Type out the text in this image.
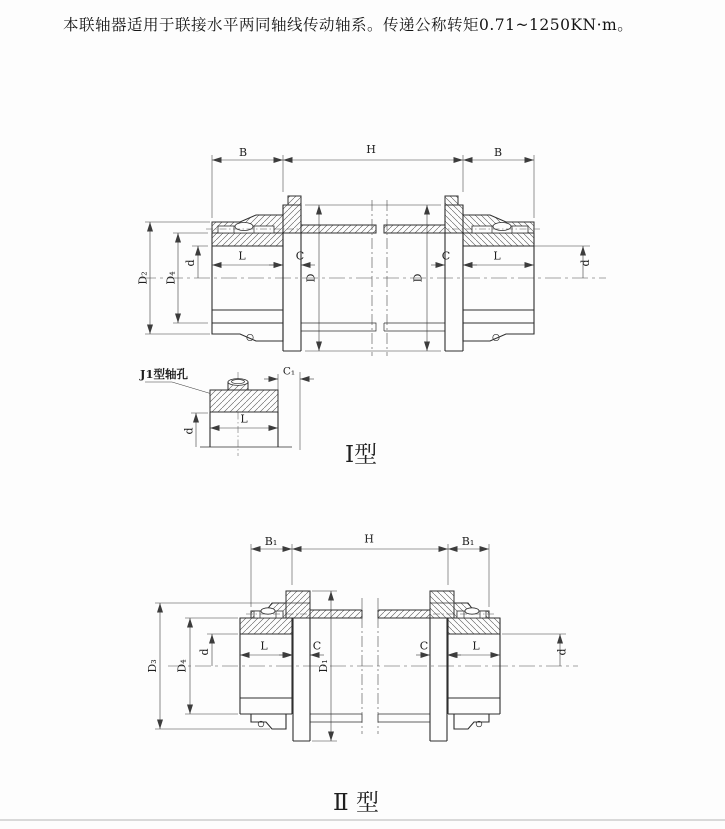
本联轴器适用于联接水平两同轴线传动轴系。传递公称转矩0.71~1250KN·m。
B	H	B
D₂ D₄
d
L	C
D
D
C	L
d
J1型轴孔	C₁
L
d
I型
B₁	H	B₁
D₃ D₄
d	L	C
D₁
C	L	d
Ⅱ 型
